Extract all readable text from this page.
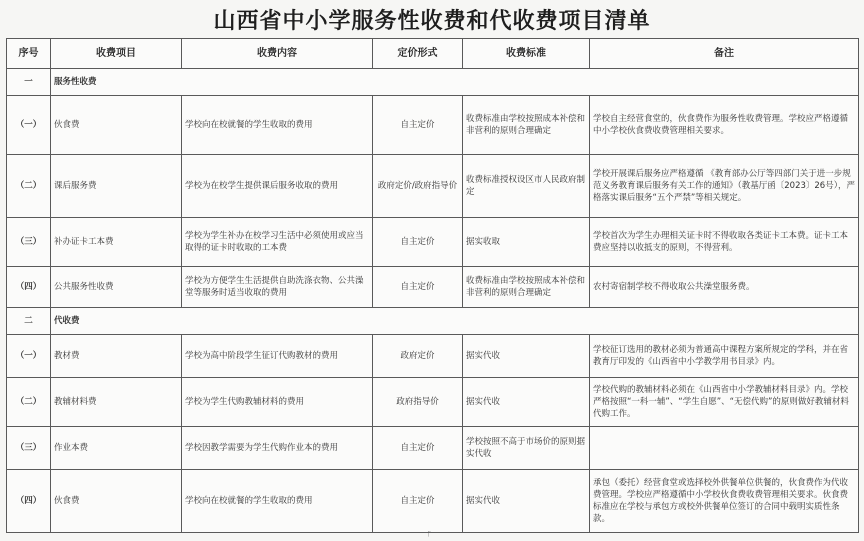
山西省中小学服务性收费和代收费项目清单
序号	收费项目	收费内容	定价形式	收费标准	备注
一	服务性收费				
（一）	伙食费	学校向在校就餐的学生收取的费用	自主定价	收费标准由学校按照成本补偿和非营利的原则合理确定	学校自主经营食堂的，伙食费作为服务性收费管理。学校应严格遵循中小学校伙食费收费管理相关要求。
（二）	课后服务费	学校为在校学生提供课后服务收取的费用	政府定价/政府指导价	收费标准授权设区市人民政府制定	学校开展课后服务应严格遵循 《教育部办公厅等四部门关于进一步规范义务教育课后服务有关工作的通知》（教基厅函〔2023〕26号），严格落实课后服务“五个严禁”等相关规定。
（三）	补办证卡工本费	学校为学生补办在校学习生活中必须使用或应当取得的证卡时收取的工本费	自主定价	据实收取	学校首次为学生办理相关证卡时不得收取各类证卡工本费。证卡工本费应坚持以收抵支的原则，不得营利。
（四）	公共服务性收费	学校为方便学生生活提供自助洗涤衣物、公共澡堂等服务时适当收取的费用	自主定价	收费标准由学校按照成本补偿和非营利的原则合理确定	农村寄宿制学校不得收取公共澡堂服务费。
二	代收费				
（一）	教材费	学校为高中阶段学生征订代购教材的费用	政府定价	据实代收	学校征订选用的教材必须为普通高中课程方案所规定的学科，并在省教育厅印发的《山西省中小学教学用书目录》内。
（二）	教辅材料费	学校为学生代购教辅材料的费用	政府指导价	据实代收	学校代购的教辅材料必须在《山西省中小学教辅材料目录》内。学校严格按照“一科一辅”、“学生自愿”、“无偿代购”的原则做好教辅材料代购工作。
（三）	作业本费	学校因教学需要为学生代购作业本的费用	自主定价	学校按照不高于市场价的原则据实代收	
（四）	伙食费	学校向在校就餐的学生收取的费用	自主定价	据实代收	承包（委托）经营食堂或选择校外供餐单位供餐的，伙食费作为代收费管理。学校应严格遵循中小学校伙食费收费管理相关要求。伙食费标准应在学校与承包方或校外供餐单位签订的合同中载明实质性条款。
「
